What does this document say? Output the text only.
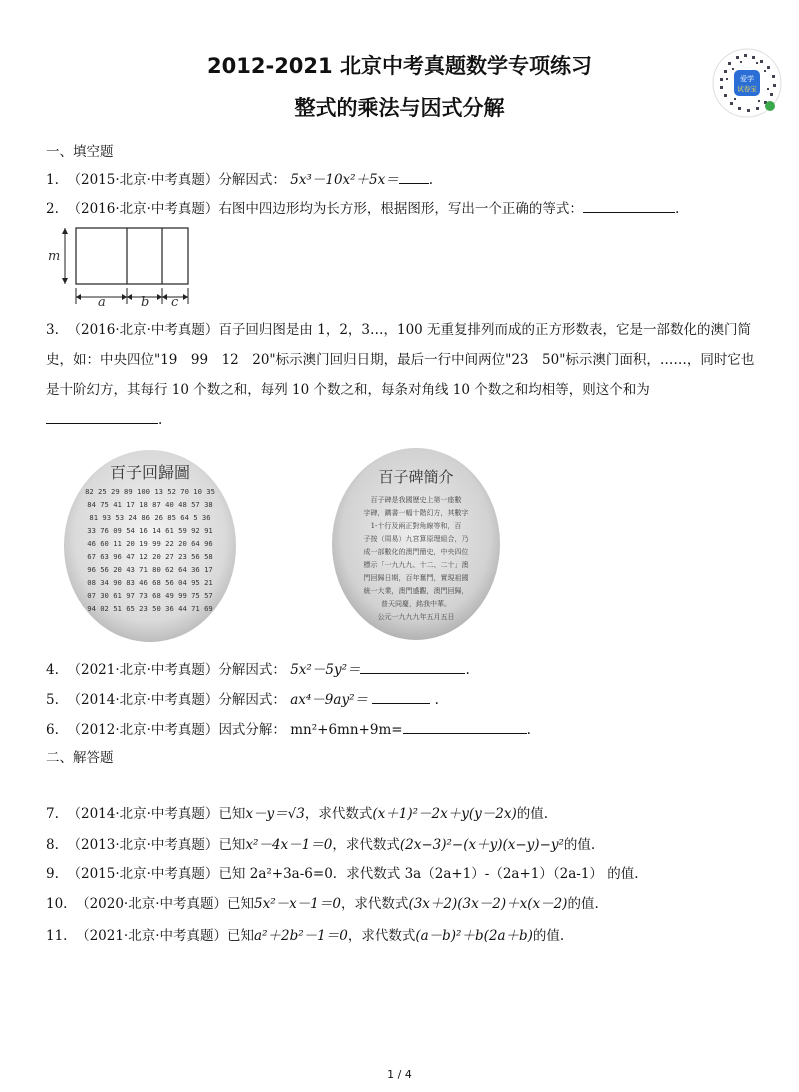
2012-2021 北京中考真题数学专项练习
整式的乘法与因式分解
爱学
试卷宝
一、填空题
1. （2015·北京·中考真题）分解因式： 5x³－10x²＋5x＝ .
2. （2016·北京·中考真题）右图中四边形均为长方形，根据图形，写出一个正确的等式：	.
m
a	b c
3. （2016·北京·中考真题）百子回归图是由 1，2，3…，100 无重复排列而成的正方形数表，它是一部数化的澳门简史，如：中央四位"19　99　12　20"标示澳门回归日期，最后一行中间两位"23　50"标示澳门面积，……，同时它也是十阶幻方，其每行 10 个数之和，每列 10 个数之和，每条对角线 10 个数之和均相等，则这个和为
.
百子回歸圖
82 25 29 89 100 13 52 70 10 35
84 75 41 17 18 87 40 48 57 38
81 93 53 24 86 26 85 64 5 36
33 76 09 54 16 14 61 59 92 91
46 60 11 20 19 99 22 20 64 96
67 63 96 47 12 20 27 23 56 58
96 56 20 43 71 80 62 64 36 17
08 34 90 83 46 68 56 04 95 21
07 30 61 97 73 68 49 99 75 57
94 02 51 65 23 50 36 44 71 69
百子碑簡介
百子碑是我國歷史上第一座數
字碑，鐫書一幅十階幻方，其數字
1-十行及兩正對角線等和，百
子按（周易）九宮算原理組合，乃
成一部數化的澳門簡史，中央四位
標示「一九九九、十二、二十」澳
門回歸日期，百年奮鬥，實現祖國
統一大業，澳門盛觀，澳門回歸，
普天同慶，銘我中華。
公元一九九九年五月五日
4. （2021·北京·中考真题）分解因式： 5x²－5y²＝	.
5. （2014·北京·中考真题）分解因式： ax⁴－9ay²＝	.
6. （2012·北京·中考真题）因式分解： mn²+6mn+9m=	.
二、解答题
7. （2014·北京·中考真题）已知x－y＝√3，求代数式(x＋1)²－2x＋y(y－2x)的值.
8. （2013·北京·中考真题）已知x²－4x－1＝0，求代数式(2x−3)²−(x＋y)(x−y)−y²的值.
9. （2015·北京·中考真题）已知 2a²+3a-6=0．求代数式 3a（2a+1）-（2a+1）（2a-1） 的值.
10. （2020·北京·中考真题）已知5x²－x－1＝0，求代数式(3x＋2)(3x－2)＋x(x－2)的值.
11. （2021·北京·中考真题）已知a²＋2b²－1＝0，求代数式(a－b)²＋b(2a＋b)的值.
1 / 4
